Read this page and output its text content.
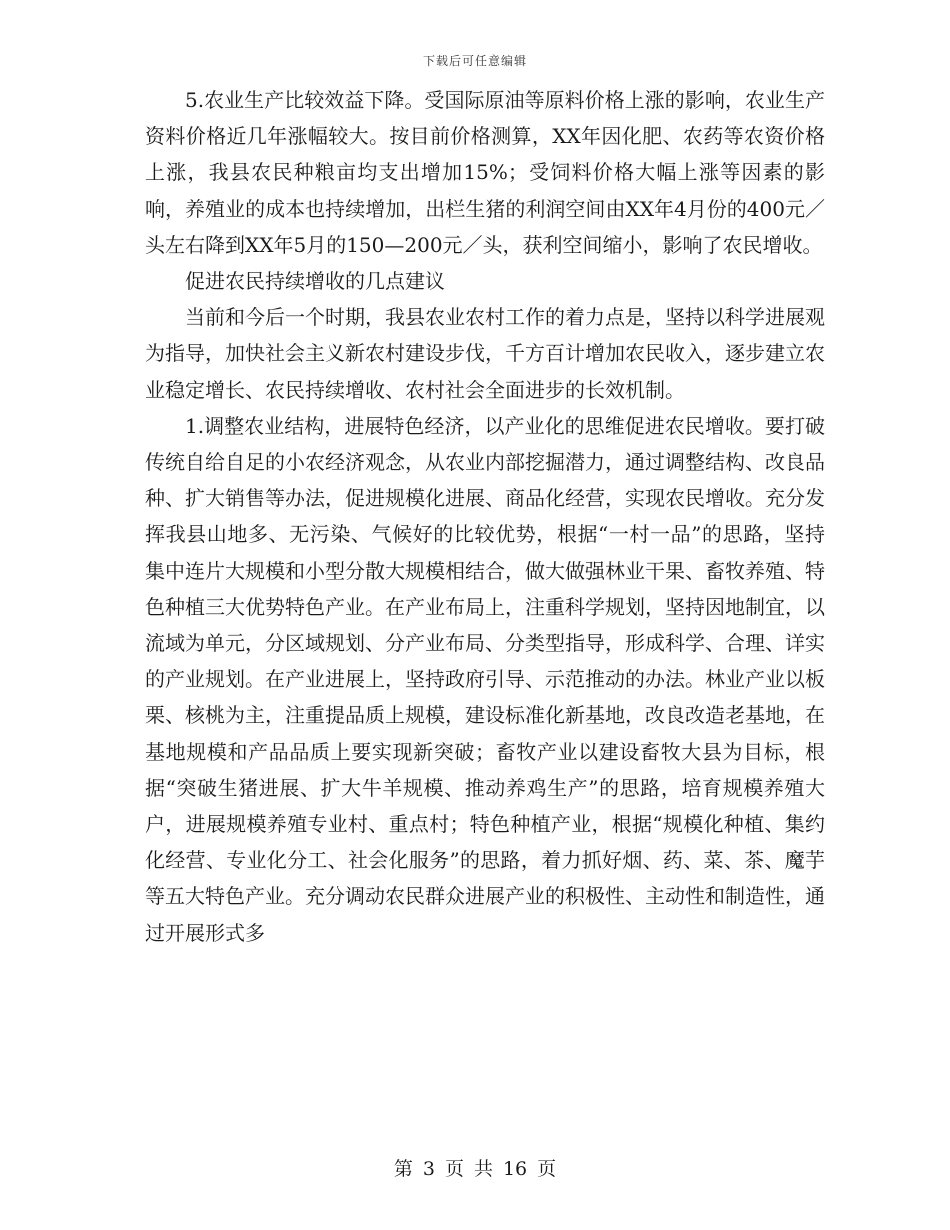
下载后可任意编辑

5.农业生产比较效益下降。受国际原油等原料价格上涨的影响，农业生产资料价格近几年涨幅较大。按目前价格测算，XX年因化肥、农药等农资价格上涨，我县农民种粮亩均支出增加15%；受饲料价格大幅上涨等因素的影响，养殖业的成本也持续增加，出栏生猪的利润空间由XX年4月份的400元／头左右降到XX年5月的150—200元／头，获利空间缩小，影响了农民增收。

促进农民持续增收的几点建议

当前和今后一个时期，我县农业农村工作的着力点是，坚持以科学进展观为指导，加快社会主义新农村建设步伐，千方百计增加农民收入，逐步建立农业稳定增长、农民持续增收、农村社会全面进步的长效机制。

1.调整农业结构，进展特色经济，以产业化的思维促进农民增收。要打破传统自给自足的小农经济观念，从农业内部挖掘潜力，通过调整结构、改良品种、扩大销售等办法，促进规模化进展、商品化经营，实现农民增收。充分发挥我县山地多、无污染、气候好的比较优势，根据“一村一品”的思路，坚持集中连片大规模和小型分散大规模相结合，做大做强林业干果、畜牧养殖、特色种植三大优势特色产业。在产业布局上，注重科学规划，坚持因地制宜，以流域为单元，分区域规划、分产业布局、分类型指导，形成科学、合理、详实的产业规划。在产业进展上，坚持政府引导、示范推动的办法。林业产业以板栗、核桃为主，注重提品质上规模，建设标准化新基地，改良改造老基地，在基地规模和产品品质上要实现新突破；畜牧产业以建设畜牧大县为目标，根据“突破生猪进展、扩大牛羊规模、推动养鸡生产”的思路，培育规模养殖大户，进展规模养殖专业村、重点村；特色种植产业，根据“规模化种植、集约化经营、专业化分工、社会化服务”的思路，着力抓好烟、药、菜、茶、魔芋等五大特色产业。充分调动农民群众进展产业的积极性、主动性和制造性，通过开展形式多

第 3 页 共 16 页
